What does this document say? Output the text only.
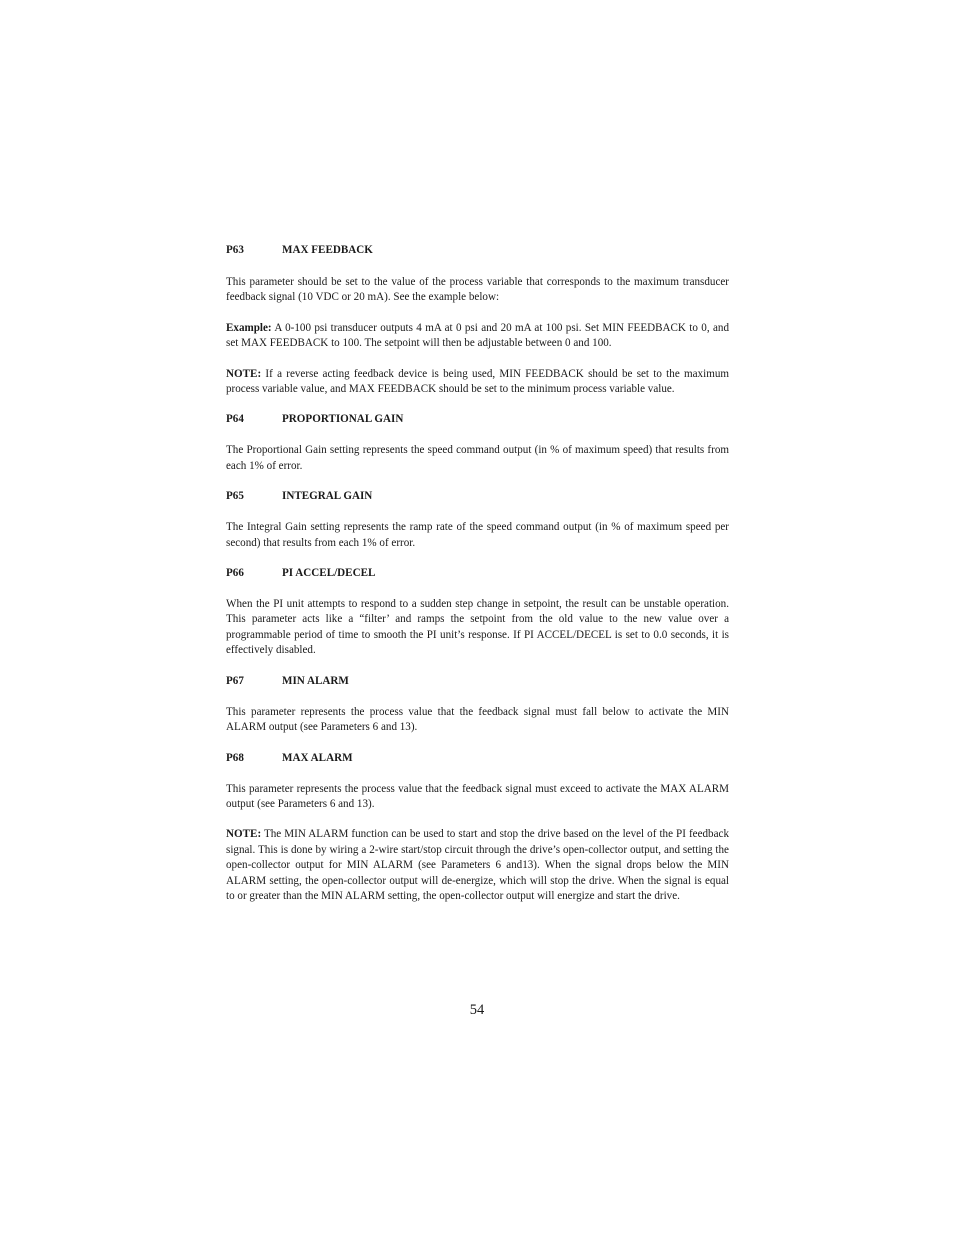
P63	MAX FEEDBACK

This parameter should be set to the value of the process variable that corresponds to the maximum transducer feedback signal (10 VDC or 20 mA). See the example below:

Example: A 0-100 psi transducer outputs 4 mA at 0 psi and 20 mA at 100 psi. Set MIN FEEDBACK to 0, and set MAX FEEDBACK to 100. The setpoint will then be adjustable between 0 and 100.

NOTE: If a reverse acting feedback device is being used, MIN FEEDBACK should be set to the maximum process variable value, and MAX FEEDBACK should be set to the minimum process variable value.

P64	PROPORTIONAL GAIN

The Proportional Gain setting represents the speed command output (in % of maximum speed) that results from each 1% of error.

P65	INTEGRAL GAIN

The Integral Gain setting represents the ramp rate of the speed command output (in % of maximum speed per second) that results from each 1% of error.

P66	PI ACCEL/DECEL

When the PI unit attempts to respond to a sudden step change in setpoint, the result can be unstable operation. This parameter acts like a “filter’ and ramps the setpoint from the old value to the new value over a programmable period of time to smooth the PI unit’s response. If PI ACCEL/DECEL is set to 0.0 seconds, it is effectively disabled.

P67	MIN ALARM

This parameter represents the process value that the feedback signal must fall below to activate the MIN ALARM output (see Parameters 6 and 13).

P68	MAX ALARM

This parameter represents the process value that the feedback signal must exceed to activate the MAX ALARM output (see Parameters 6 and 13).

NOTE: The MIN ALARM function can be used to start and stop the drive based on the level of the PI feedback signal. This is done by wiring a 2-wire start/stop circuit through the drive’s open-collector output, and setting the open-collector output for MIN ALARM (see Parameters 6 and13). When the signal drops below the MIN ALARM setting, the open-collector output will de-energize, which will stop the drive. When the signal is equal to or greater than the MIN ALARM setting, the open-collector output will energize and start the drive.

54
